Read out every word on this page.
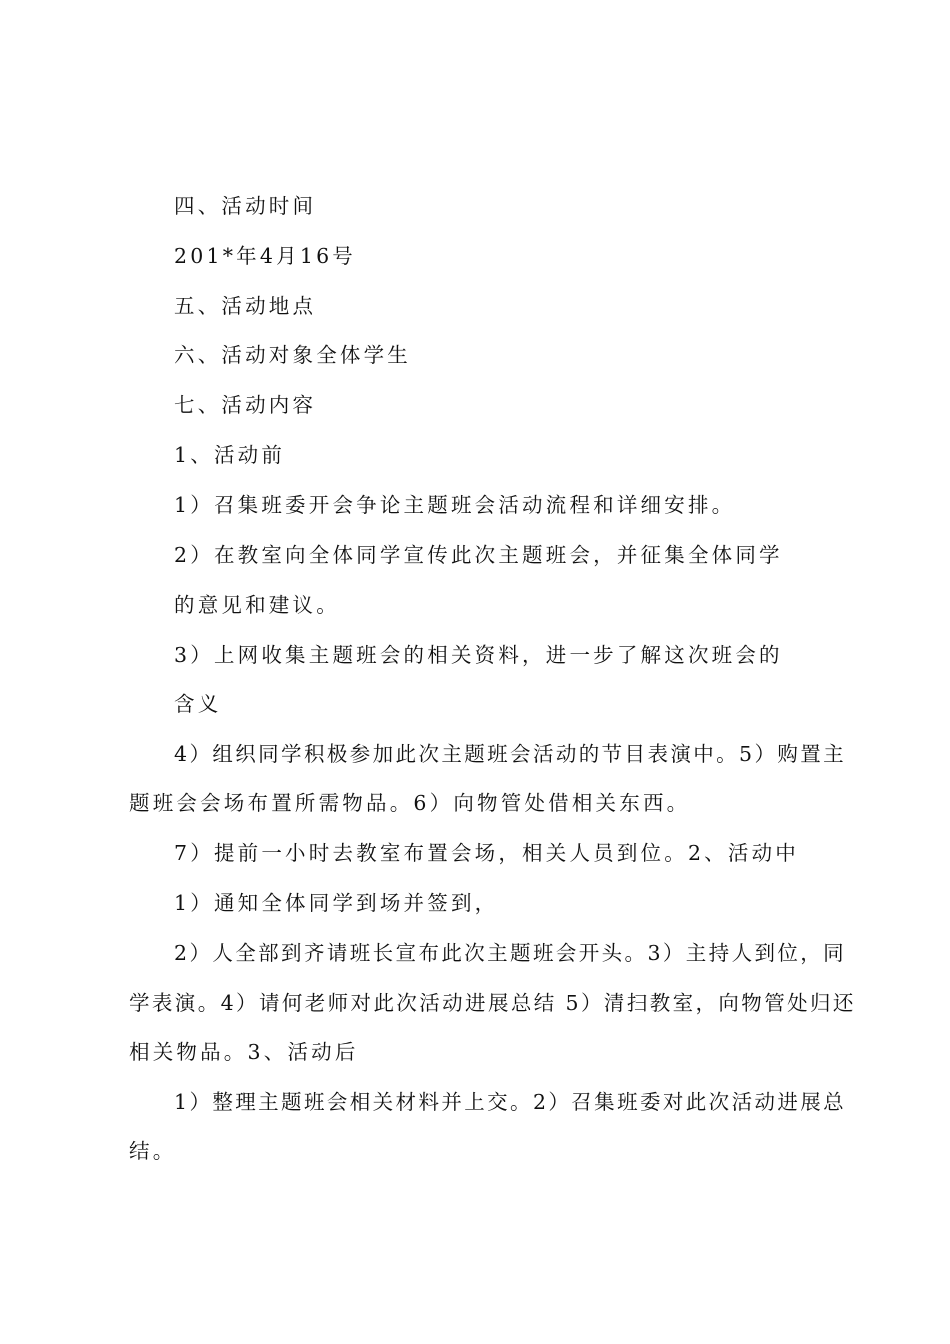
四、活动时间
201*年4月16号
五、活动地点
六、活动对象全体学生
七、活动内容
1、活动前
1）召集班委开会争论主题班会活动流程和详细安排。
2）在教室向全体同学宣传此次主题班会，并征集全体同学
的意见和建议。
3）上网收集主题班会的相关资料，进一步了解这次班会的
含义
4）组织同学积极参加此次主题班会活动的节目表演中。5）购置主
题班会会场布置所需物品。6）向物管处借相关东西。
7）提前一小时去教室布置会场，相关人员到位。2、活动中
1）通知全体同学到场并签到，
2）人全部到齐请班长宣布此次主题班会开头。3）主持人到位，同
学表演。4）请何老师对此次活动进展总结 5）清扫教室，向物管处归还
相关物品。3、活动后
1）整理主题班会相关材料并上交。2）召集班委对此次活动进展总
结。
